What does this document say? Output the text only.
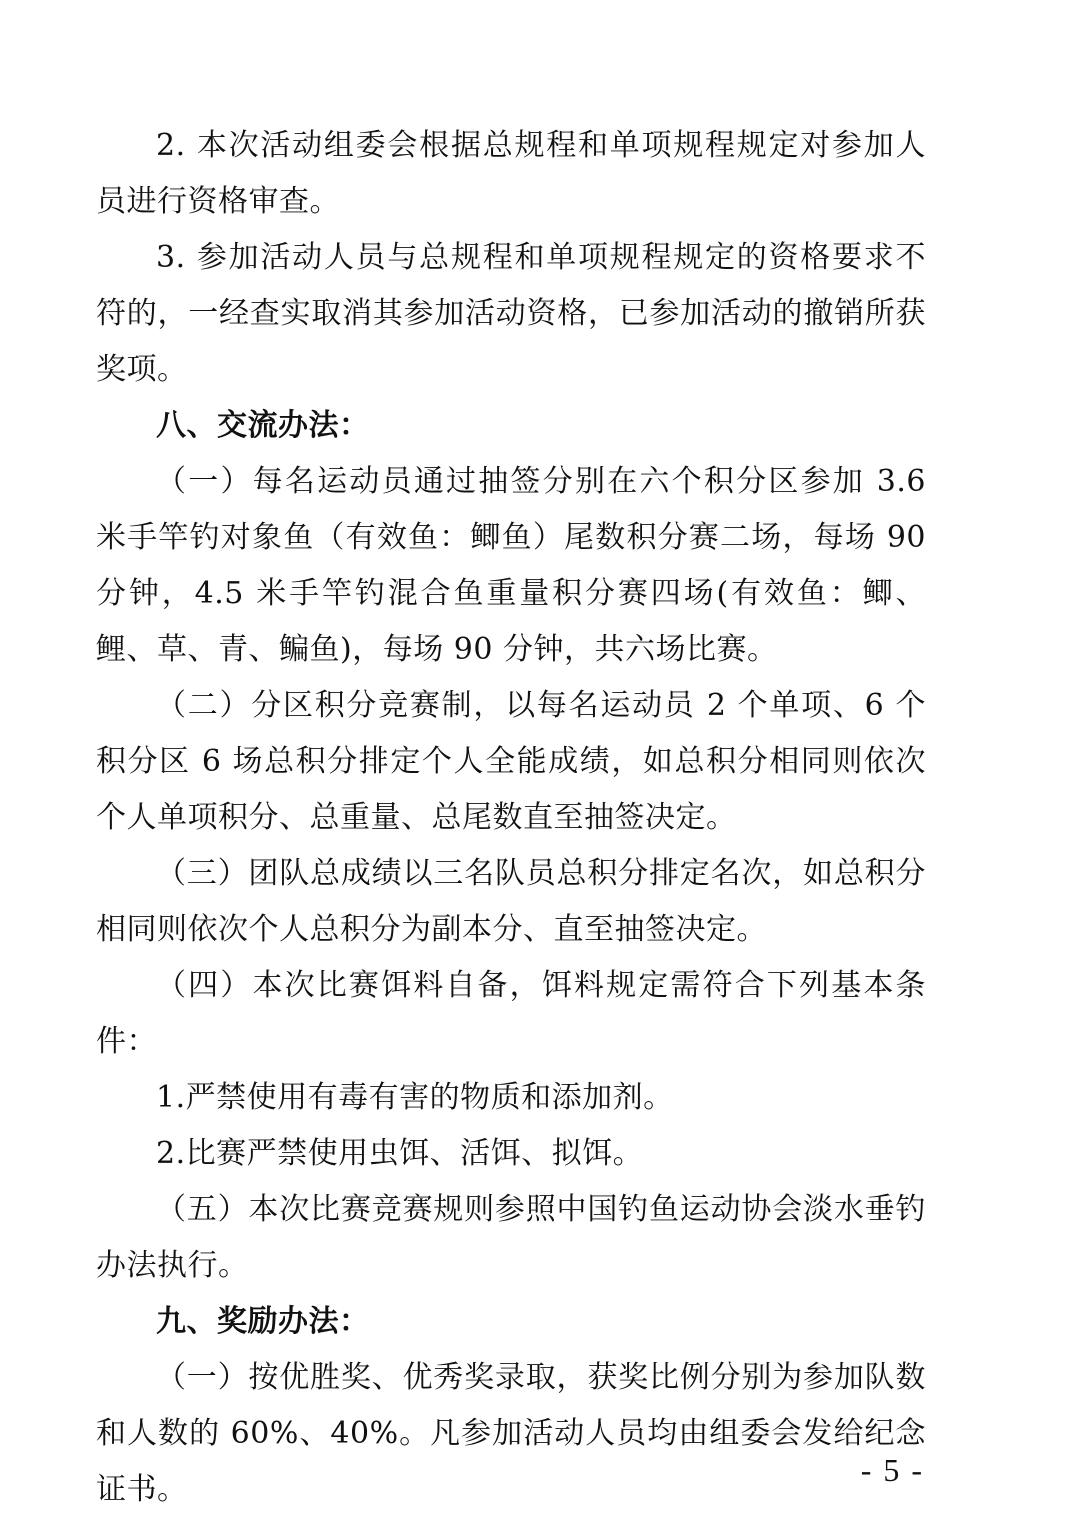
2. 本次活动组委会根据总规程和单项规程规定对参加人员进行资格审查。

3. 参加活动人员与总规程和单项规程规定的资格要求不符的，一经查实取消其参加活动资格，已参加活动的撤销所获奖项。

八、交流办法：

（一）每名运动员通过抽签分别在六个积分区参加 3.6 米手竿钓对象鱼（有效鱼：鲫鱼）尾数积分赛二场，每场 90 分钟，4.5 米手竿钓混合鱼重量积分赛四场(有效鱼：鲫、鲤、草、青、鳊鱼)，每场 90 分钟，共六场比赛。

（二）分区积分竞赛制，以每名运动员 2 个单项、6 个积分区 6 场总积分排定个人全能成绩，如总积分相同则依次个人单项积分、总重量、总尾数直至抽签决定。

（三）团队总成绩以三名队员总积分排定名次，如总积分相同则依次个人总积分为副本分、直至抽签决定。

（四）本次比赛饵料自备，饵料规定需符合下列基本条件：

1.严禁使用有毒有害的物质和添加剂。

2.比赛严禁使用虫饵、活饵、拟饵。

（五）本次比赛竞赛规则参照中国钓鱼运动协会淡水垂钓办法执行。

九、奖励办法：

（一）按优胜奖、优秀奖录取，获奖比例分别为参加队数和人数的 60%、40%。凡参加活动人员均由组委会发给纪念证书。

- 5 -
